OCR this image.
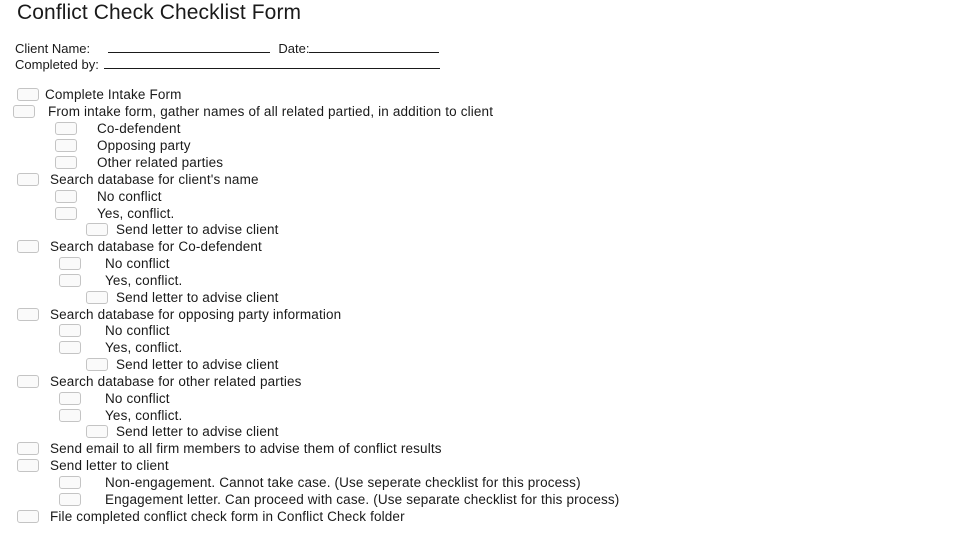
Conflict Check Checklist Form
Client Name:	Date:
Completed by:
Complete Intake Form
From intake form, gather names of all related partied, in addition to client
Co-defendent
Opposing party
Other related parties
Search database for client's name
No conflict
Yes, conflict.
Send letter to advise client
Search database for Co-defendent
No conflict
Yes, conflict.
Send letter to advise client
Search database for opposing party information
No conflict
Yes, conflict.
Send letter to advise client
Search database for other related parties
No conflict
Yes, conflict.
Send letter to advise client
Send email to all firm members to advise them of conflict results
Send letter to client
Non-engagement. Cannot take case. (Use seperate checklist for this process)
Engagement letter. Can proceed with case. (Use separate checklist for this process)
File completed conflict check form in Conflict Check folder
